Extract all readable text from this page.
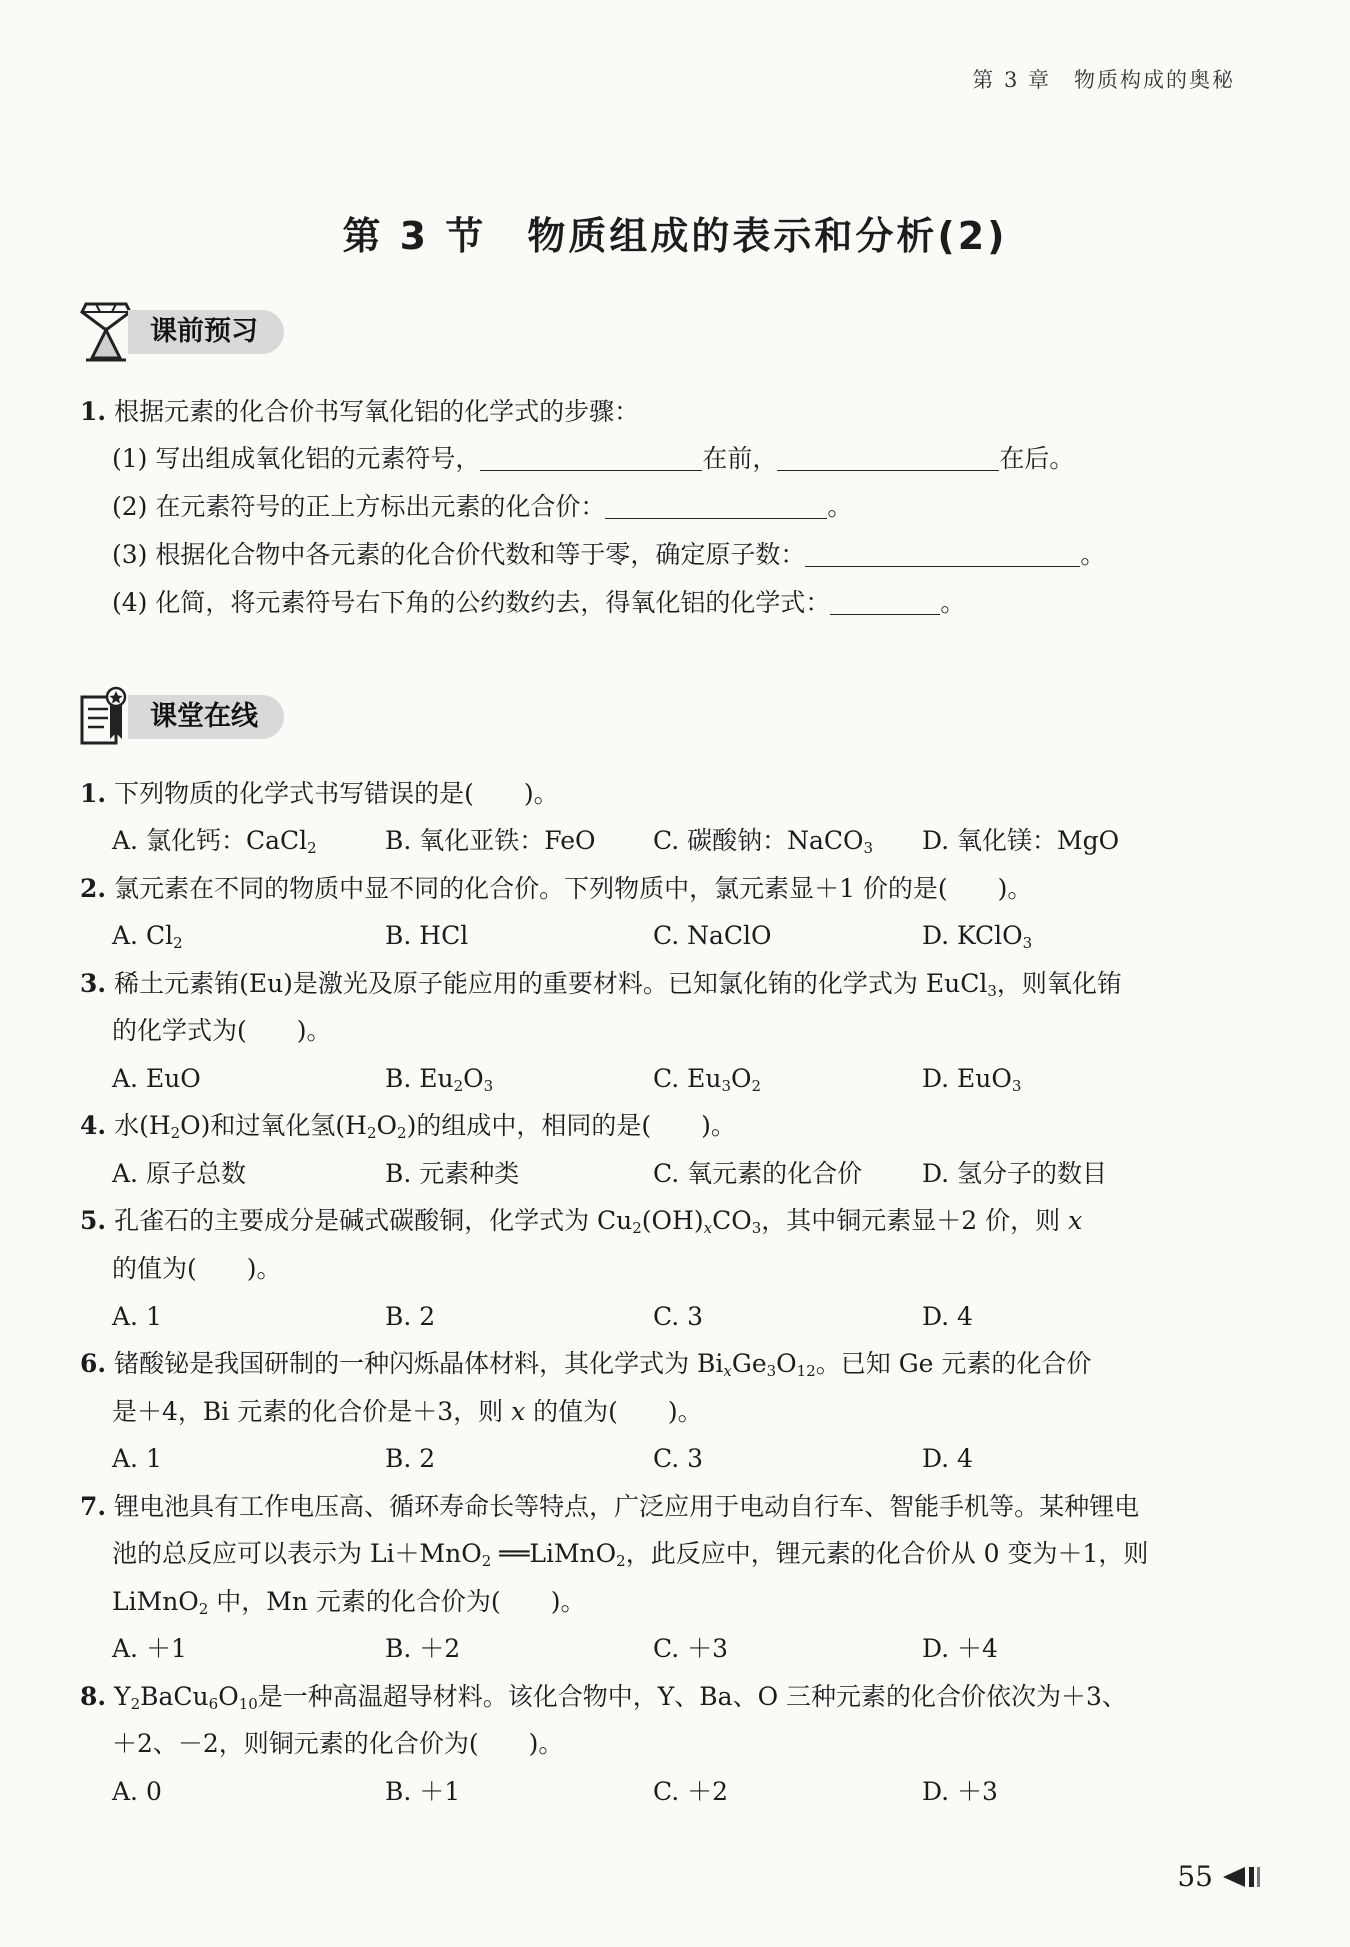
第 3 章　物质构成的奥秘
第 3 节　物质组成的表示和分析(2)
课前预习
1. 根据元素的化合价书写氧化铝的化学式的步骤：
(1) 写出组成氧化铝的元素符号，	在前，	在后。
(2) 在元素符号的正上方标出元素的化合价：	。
(3) 根据化合物中各元素的化合价代数和等于零，确定原子数：	。
(4) 化简，将元素符号右下角的公约数约去，得氧化铝的化学式：	。
课堂在线
1. 下列物质的化学式书写错误的是(　　)。
A. 氯化钙：CaCl$_2$	B. 氧化亚铁：FeO C. 碳酸钠：NaCO$_3$ D. 氧化镁：MgO
2. 氯元素在不同的物质中显不同的化合价。下列物质中，氯元素显＋1 价的是(　　)。
A. $Cl_2$	B. HCl	C. NaClO	D. KClO$_3$
3. 稀土元素铕(Eu)是激光及原子能应用的重要材料。已知氯化铕的化学式为 EuCl$_3$，则氧化铕
的化学式为(　　)。
A. EuO	B. $Eu_2O_3$	C. $Eu_3O_2$	D. EuO$_3$
4. 水$(H_2O)$和过氧化氢$(H_2O_2)$的组成中，相同的是(　　)。
A. 原子总数	B. 元素种类	C. 氧元素的化合价 D. 氢分子的数目
5. 孔雀石的主要成分是碱式碳酸铜，化学式为 $Cu_2(OH)_xCO_3$，其中铜元素显＋2 价，则 x
的值为(　　)。
A. 1	B. 2	C. 3	D. 4
6. 锗酸铋是我国研制的一种闪烁晶体材料，其化学式为 $Bi_xGe_3O_{12}$。已知 Ge 元素的化合价
是＋4，Bi 元素的化合价是＋3，则 x 的值为(　　)。
A. 1	B. 2	C. 3	D. 4
7. 锂电池具有工作电压高、循环寿命长等特点，广泛应用于电动自行车、智能手机等。某种锂电
池的总反应可以表示为 Li＋MnO$_2$ ══LiMnO$_2$，此反应中，锂元素的化合价从 0 变为＋1，则
LiMnO$_2$ 中，Mn 元素的化合价为(　　)。
A. ＋1	B. ＋2	C. ＋3	D. ＋4
8. $Y_2BaCu_6O_{10}$是一种高温超导材料。该化合物中，Y、Ba、O 三种元素的化合价依次为＋3、
＋2、－2，则铜元素的化合价为(　　)。
A. 0	B. ＋1	C. ＋2	D. ＋3
55
